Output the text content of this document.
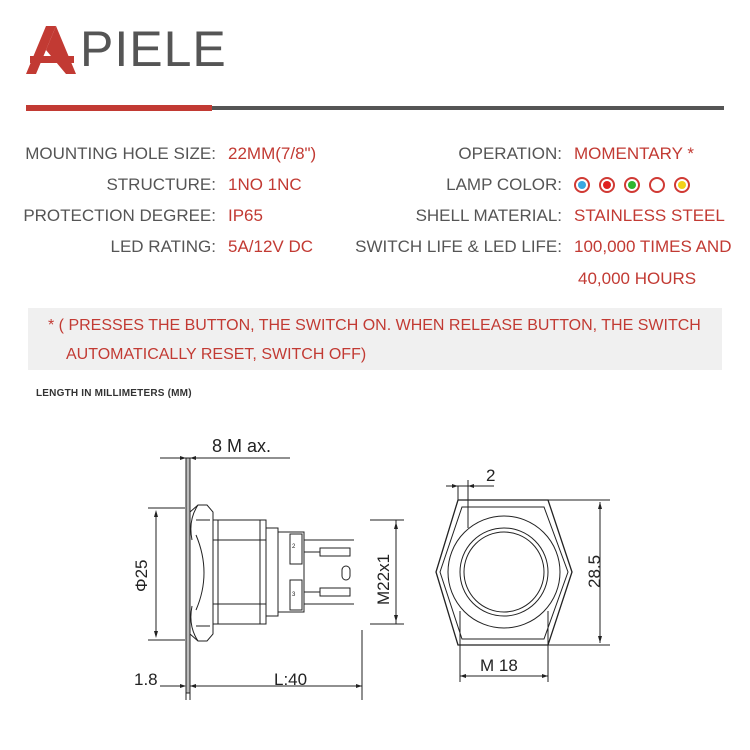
PIELE
MOUNTING HOLE SIZE: 22MM(7/8")
STRUCTURE: 1NO 1NC
PROTECTION DEGREE: IP65
LED RATING: 5A/12V DC
OPERATION: MOMENTARY *
LAMP COLOR:
SHELL MATERIAL: STAINLESS STEEL
SWITCH LIFE & LED LIFE: 100,000 TIMES AND
40,000 HOURS
* ( PRESSES THE BUTTON, THE SWITCH ON. WHEN RELEASE BUTTON, THE SWITCH
AUTOMATICALLY RESET, SWITCH OFF)
LENGTH IN MILLIMETERS (MM)
2
3
8 M ax.
Φ25	M22x1
1.8	L:40
2
28.5
M 18
